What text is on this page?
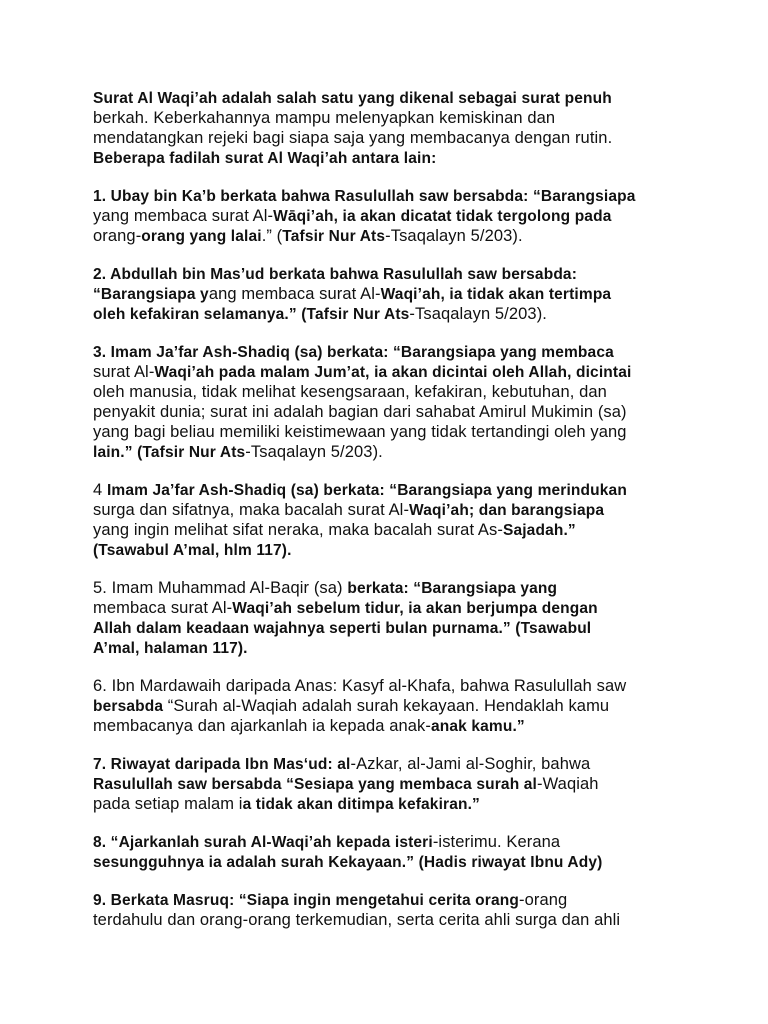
Surat Al Waqi’ah adalah salah satu yang dikenal sebagai surat penuh
berkah. Keberkahannya mampu melenyapkan kemiskinan dan
mendatangkan rejeki bagi siapa saja yang membacanya dengan rutin.
Beberapa fadilah surat Al Waqi’ah antara lain:
1. Ubay bin Ka’b berkata bahwa Rasulullah saw bersabda: “Barangsiapa
yang membaca surat Al-Wāqi’ah, ia akan dicatat tidak tergolong pada
orang-orang yang lalai.” (Tafsir Nur Ats-Tsaqalayn 5/203).
2. Abdullah bin Mas’ud berkata bahwa Rasulullah saw bersabda:
“Barangsiapa yang membaca surat Al-Waqi’ah, ia tidak akan tertimpa
oleh kefakiran selamanya.” (Tafsir Nur Ats-Tsaqalayn 5/203).
3. Imam Ja’far Ash-Shadiq (sa) berkata: “Barangsiapa yang membaca
surat Al-Waqi’ah pada malam Jum’at, ia akan dicintai oleh Allah, dicintai
oleh manusia, tidak melihat kesengsaraan, kefakiran, kebutuhan, dan
penyakit dunia; surat ini adalah bagian dari sahabat Amirul Mukimin (sa)
yang bagi beliau memiliki keistimewaan yang tidak tertandingi oleh yang
lain.” (Tafsir Nur Ats-Tsaqalayn 5/203).
4 Imam Ja’far Ash-Shadiq (sa) berkata: “Barangsiapa yang merindukan
surga dan sifatnya, maka bacalah surat Al-Waqi’ah; dan barangsiapa
yang ingin melihat sifat neraka, maka bacalah surat As-Sajadah.”
(Tsawabul A’mal, hlm 117).
5. Imam Muhammad Al-Baqir (sa) berkata: “Barangsiapa yang
membaca surat Al-Waqi’ah sebelum tidur, ia akan berjumpa dengan
Allah dalam keadaan wajahnya seperti bulan purnama.” (Tsawabul
A’mal, halaman 117).
6. Ibn Mardawaih daripada Anas: Kasyf al-Khafa, bahwa Rasulullah saw
bersabda “Surah al-Waqiah adalah surah kekayaan. Hendaklah kamu
membacanya dan ajarkanlah ia kepada anak-anak kamu.”
7. Riwayat daripada Ibn Mas‘ud: al-Azkar, al-Jami al-Soghir, bahwa
Rasulullah saw bersabda “Sesiapa yang membaca surah al-Waqiah
pada setiap malam ia tidak akan ditimpa kefakiran.”
8. “Ajarkanlah surah Al-Waqi’ah kepada isteri-isterimu. Kerana
sesungguhnya ia adalah surah Kekayaan.” (Hadis riwayat Ibnu Ady)
9. Berkata Masruq: “Siapa ingin mengetahui cerita orang-orang
terdahulu dan orang-orang terkemudian, serta cerita ahli surga dan ahli
